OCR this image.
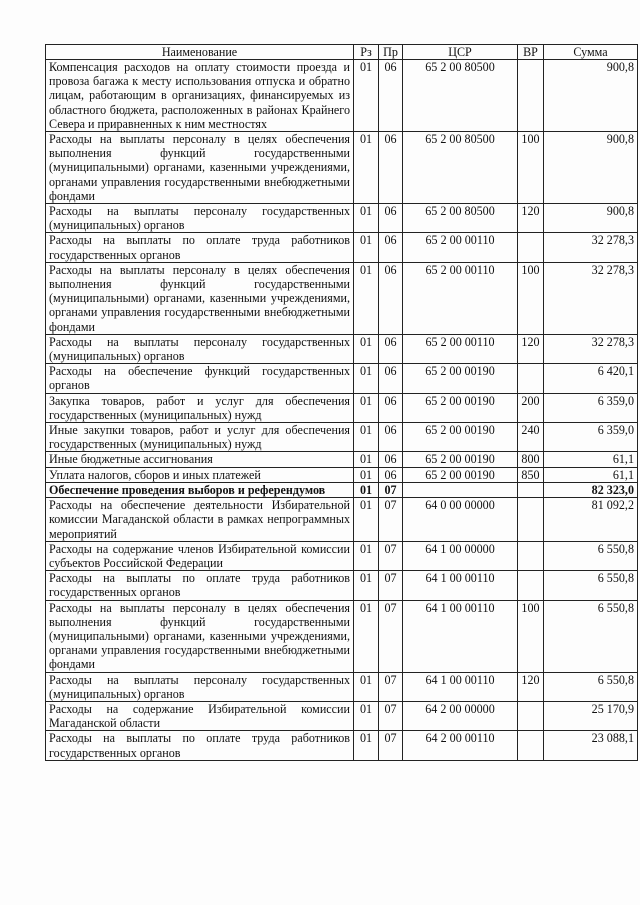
Наименование	Рз	Пр	ЦСР	ВР	Сумма
Компенсация расходов на оплату стоимости проезда и провоза багажа к месту использования отпуска и обратно лицам, работающим в организациях, финансируемых из областного бюджета, расположенных в районах Крайнего Севера и приравненных к ним местностях	01	06	65 2 00 80500		900,8
Расходы на выплаты персоналу в целях обеспечения выполнения функций государственными (муниципальными) органами, казенными учреждениями, органами управления государственными внебюджетными фондами	01	06	65 2 00 80500	100	900,8
Расходы на выплаты персоналу государственных (муниципальных) органов	01	06	65 2 00 80500	120	900,8
Расходы на выплаты по оплате труда работников государственных органов	01	06	65 2 00 00110		32 278,3
Расходы на выплаты персоналу в целях обеспечения выполнения функций государственными (муниципальными) органами, казенными учреждениями, органами управления государственными внебюджетными фондами	01	06	65 2 00 00110	100	32 278,3
Расходы на выплаты персоналу государственных (муниципальных) органов	01	06	65 2 00 00110	120	32 278,3
Расходы на обеспечение функций государственных органов	01	06	65 2 00 00190		6 420,1
Закупка товаров, работ и услуг для обеспечения государственных (муниципальных) нужд	01	06	65 2 00 00190	200	6 359,0
Иные закупки товаров, работ и услуг для обеспечения государственных (муниципальных) нужд	01	06	65 2 00 00190	240	6 359,0
Иные бюджетные ассигнования	01	06	65 2 00 00190	800	61,1
Уплата налогов, сборов и иных платежей	01	06	65 2 00 00190	850	61,1
Обеспечение проведения выборов и референдумов	01	07			82 323,0
Расходы на обеспечение деятельности Избирательной комиссии Магаданской области в рамках непрограммных мероприятий	01	07	64 0 00 00000		81 092,2
Расходы на содержание членов Избирательной комиссии субъектов Российской Федерации	01	07	64 1 00 00000		6 550,8
Расходы на выплаты по оплате труда работников государственных органов	01	07	64 1 00 00110		6 550,8
Расходы на выплаты персоналу в целях обеспечения выполнения функций государственными (муниципальными) органами, казенными учреждениями, органами управления государственными внебюджетными фондами	01	07	64 1 00 00110	100	6 550,8
Расходы на выплаты персоналу государственных (муниципальных) органов	01	07	64 1 00 00110	120	6 550,8
Расходы на содержание Избирательной комиссии Магаданской области	01	07	64 2 00 00000		25 170,9
Расходы на выплаты по оплате труда работников государственных органов	01	07	64 2 00 00110		23 088,1
